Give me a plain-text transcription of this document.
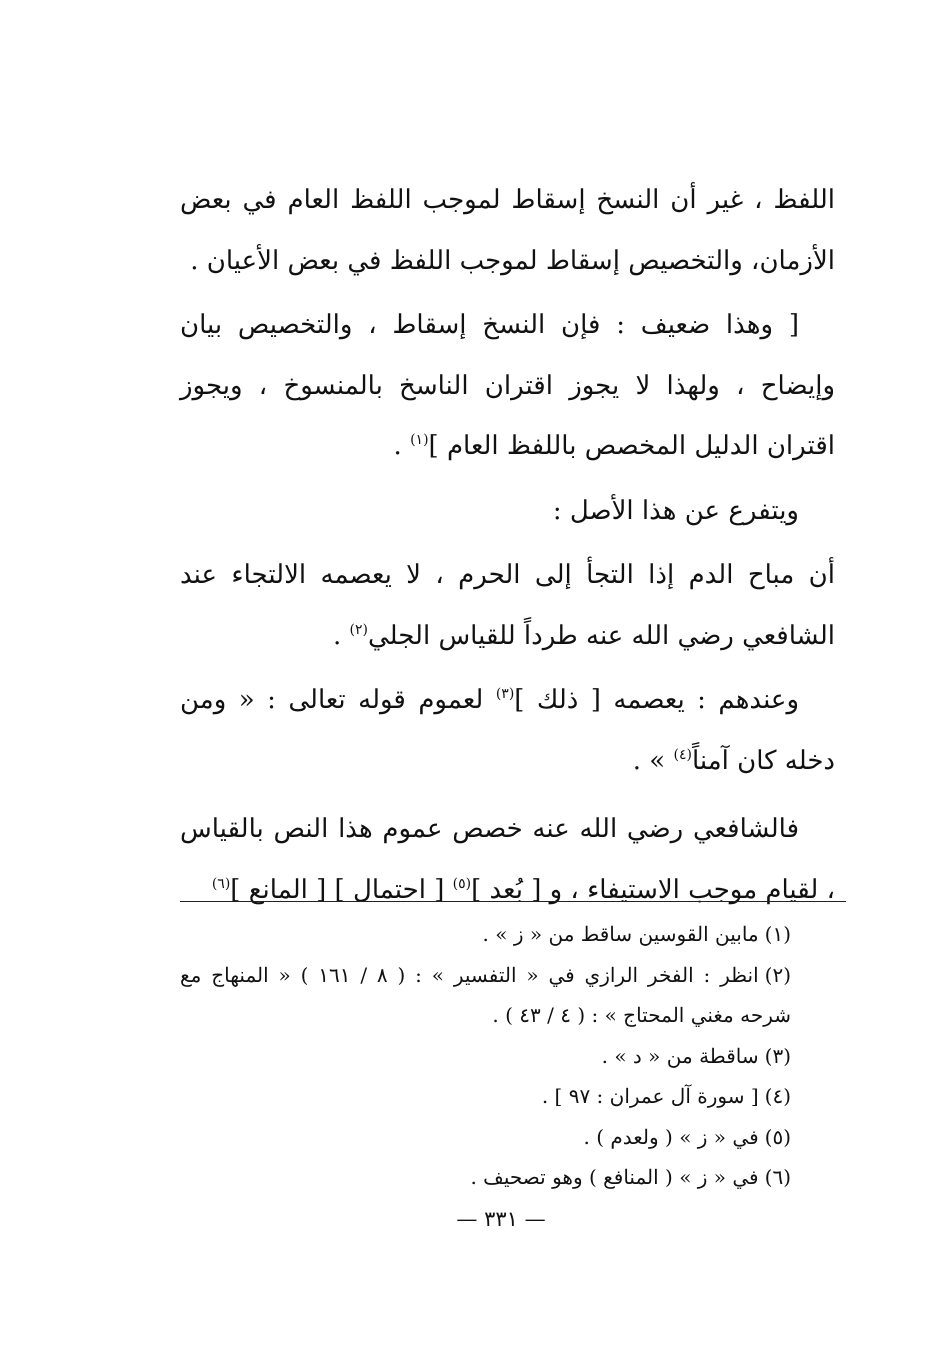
اللفظ ، غير أن النسخ إسقاط لموجب اللفظ العام في بعض الأزمان، والتخصيص إسقاط لموجب اللفظ في بعض الأعيان .

[ وهذا ضعيف : فإن النسخ إسقاط ، والتخصيص بيان وإيضاح ، ولهذا لا يجوز اقتران الناسخ بالمنسوخ ، ويجوز اقتران الدليل المخصص باللفظ العام ]$^{(١)}$ .

ويتفرع عن هذا الأصل :

أن مباح الدم إذا التجأ إلى الحرم ، لا يعصمه الالتجاء عند الشافعي رضي الله عنه طرداً للقياس الجلي$^{(٢)}$ .

وعندهم : يعصمه [ ذلك ]$^{(٣)}$ لعموم قوله تعالى : « ومن دخله كان آمناً$^{(٤)}$ » .

فالشافعي رضي الله عنه خصص عموم هذا النص بالقياس ، لقيام موجب الاستيفاء ، و [ بُعد ]$^{(٥)}$ [ احتمال ] [ المانع ]$^{(٦)}$

(١)مابين القوسين ساقط من « ز » .

(٢)انظر : الفخر الرازي في « التفسير » : ( ٨ / ١٦١ ) « المنهاج مع شرحه مغني المحتاج » : ( ٤ / ٤٣ ) .

(٣)ساقطة من « د » .

(٤)[ سورة آل عمران : ٩٧ ] .

(٥)في « ز » ( ولعدم ) .

(٦)في « ز » ( المنافع ) وهو تصحيف .

— ٣٣١ —
